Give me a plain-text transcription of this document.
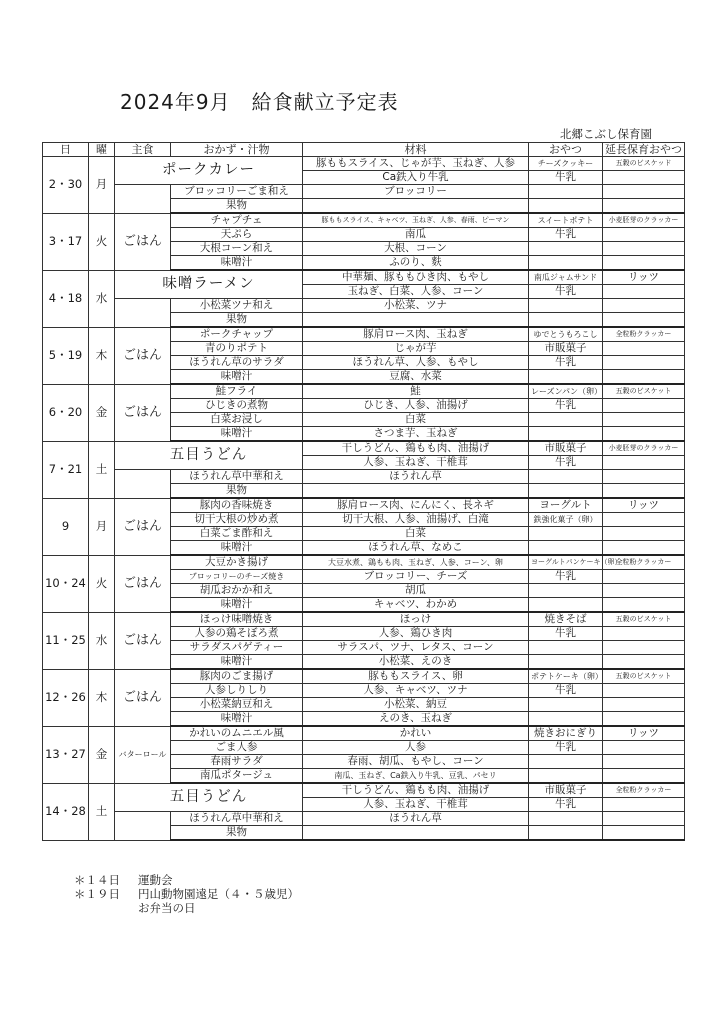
2024年9月　給食献立予定表
北郷こぶし保育園
日	曜	主食	おかず・汁物	材料	おやつ	延長保育おやつ
2・30	月	ポークカレー		豚ももスライス、じゃが芋、玉ねぎ、人参	チーズクッキー	五穀のビスケッド
				Ca鉄入り牛乳	牛乳	
			ブロッコリーごま和え	ブロッコリー		
			果物			
3・17	火	ごはん	チャプチェ	豚ももスライス、キャベツ、玉ねぎ、人参、春雨、ピーマン	スイートポテト	小麦胚芽のクラッカー
			天ぷら	南瓜	牛乳	
			大根コーン和え	大根、コーン		
			味噌汁	ふのり、麩		
4・18	水	味噌ラーメン		中華麺、豚ももひき肉、もやし	南瓜ジャムサンド	リッツ
				玉ねぎ、白菜、人参、コーン	牛乳	
			小松菜ツナ和え	小松菜、ツナ		
			果物			
5・19	木	ごはん	ポークチャップ	豚肩ロース肉、玉ねぎ	ゆでとうもろこし	全粒粉クラッカー
			青のりポテト	じゃが芋	市販菓子	
			ほうれん草のサラダ	ほうれん草、人参、もやし	牛乳	
			味噌汁	豆腐、水菜		
6・20	金	ごはん	鮭フライ	鮭	レーズンパン（卵）	五穀のビスケット
			ひじきの煮物	ひじき、人参、油揚げ	牛乳	
			白菜お浸し	白菜		
			味噌汁	さつま芋、玉ねぎ		
7・21	土	五目うどん		干しうどん、鶏もも肉、油揚げ	市販菓子	小麦胚芽のクラッカー
				人参、玉ねぎ、干椎茸	牛乳	
			ほうれん草中華和え	ほうれん草		
			果物			
9	月	ごはん	豚肉の香味焼き	豚肩ロース肉、にんにく、長ネギ	ヨーグルト	リッツ
			切干大根の炒め煮	切干大根、人参、油揚げ、白滝	鉄強化菓子（卵）	
			白菜ごま酢和え	白菜		
			味噌汁	ほうれん草、なめこ		
10・24	火	ごはん	大豆かき揚げ	大豆水煮、鶏もも肉、玉ねぎ、人参、コーン、卵	ヨーグルトパンケーキ（卵）	全粒粉クラッカー
			ブロッコリーのチーズ焼き	ブロッコリー、チーズ	牛乳	
			胡瓜おかか和え	胡瓜		
			味噌汁	キャベツ、わかめ		
11・25	水	ごはん	ほっけ味噌焼き	ほっけ	焼きそば	五穀のビスケット
			人参の鶏そぼろ煮	人参、鶏ひき肉	牛乳	
			サラダスパゲティー	サラスパ、ツナ、レタス、コーン		
			味噌汁	小松菜、えのき		
12・26	木	ごはん	豚肉のごま揚げ	豚ももスライス、卵	ポテトケーキ（卵）	五穀のビスケット
			人参しりしり	人参、キャベツ、ツナ	牛乳	
			小松菜納豆和え	小松菜、納豆		
			味噌汁	えのき、玉ねぎ		
13・27	金	バターロール	かれいのムニエル風	かれい	焼きおにぎり	リッツ
			ごま人参	人参	牛乳	
			春雨サラダ	春雨、胡瓜、もやし、コーン		
			南瓜ポタージュ	南瓜、玉ねぎ、Ca鉄入り牛乳、豆乳、パセリ		
14・28	土	五目うどん		干しうどん、鶏もも肉、油揚げ	市販菓子	全粒粉クラッカー
				人参、玉ねぎ、干椎茸	牛乳	
			ほうれん草中華和え	ほうれん草		
			果物			
＊１４日	運動会
＊１９日	円山動物園遠足（４・５歳児）
お弁当の日
